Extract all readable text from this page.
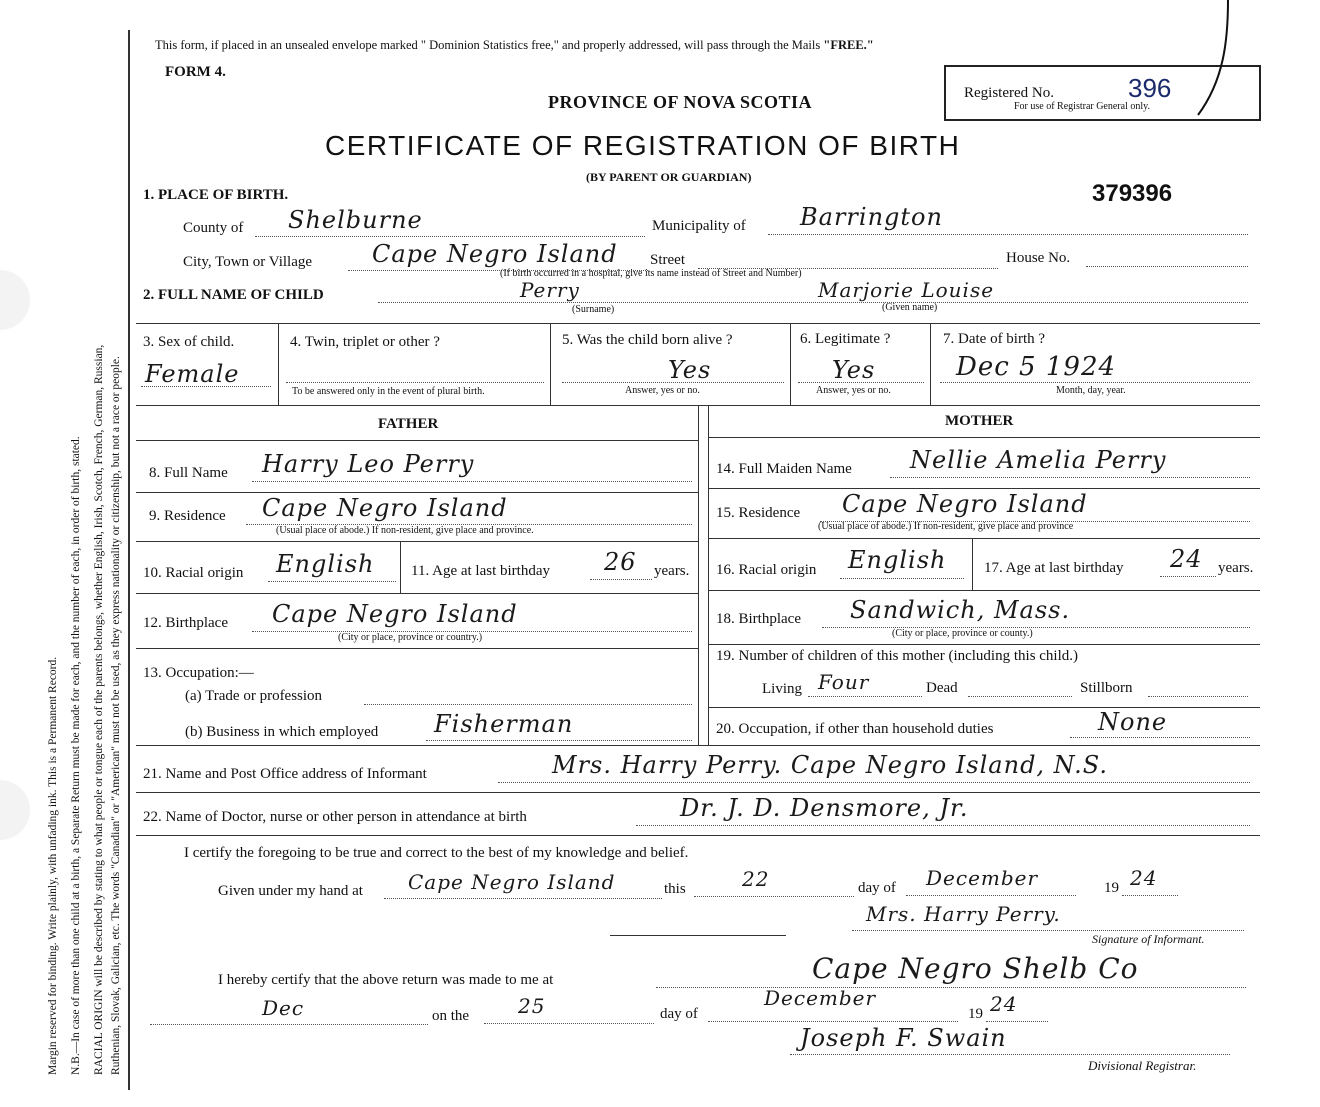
Margin reserved for binding. Write plainly, with unfading ink. This is a Permanent Record. N.B.—In case of more than one child at a birth, a Separate Return must be made for each, and the number of each, in order of birth, stated. RACIAL ORIGIN will be described by stating to what people or tongue each of the parents belongs, whether English, Irish, Scotch, French, German, Russian, Ruthenian, Slovak, Galician, etc. The words "Canadian" or "American" must not be used, as they express nationality or citizenship, but not a race or people.
This form, if placed in an unsealed envelope marked " Dominion Statistics free," and properly addressed, will pass through the Mails "FREE."
FORM 4.
Registered No.	396
For use of Registrar General only.
PROVINCE OF NOVA SCOTIA
CERTIFICATE OF REGISTRATION OF BIRTH
(BY PARENT OR GUARDIAN)
379396
1. PLACE OF BIRTH.
County of Shelburne	Municipality of Barrington
City, Town or Village Cape Negro Island Street	House No.
(If birth occurred in a hospital, give its name instead of Street and Number)
2. FULL NAME OF CHILD	Perry
(Surname)
Marjorie Louise
(Given name)
3. Sex of child.
Female
4. Twin, triplet or other ?
To be answered only in the event of plural birth.
5. Was the child born alive ?
Yes
Answer, yes or no.
6. Legitimate ?
Yes
Answer, yes or no.
7. Date of birth ?
Dec 5 1924
Month, day, year.
FATHER	MOTHER
8. Full Name Harry Leo Perry
9. Residence Cape Negro Island
(Usual place of abode.) If non-resident, give place and province.
10. Racial origin English 11. Age at last birthday 26 years.
12. Birthplace Cape Negro Island
(City or place, province or country.)
13. Occupation:—
(a) Trade or profession
(b) Business in which employed Fisherman
14. Full Maiden Name Nellie Amelia Perry
15. Residence Cape Negro Island
(Usual place of abode.) If non-resident, give place and province
16. Racial origin English	17. Age at last birthday 24 years.
18. Birthplace Sandwich, Mass.
(City or place, province or county.)
19. Number of children of this mother (including this child.)
Living Four	Dead	Stillborn
20. Occupation, if other than household duties	None
21. Name and Post Office address of Informant	Mrs. Harry Perry. Cape Negro Island, N.S.
22. Name of Doctor, nurse or other person in attendance at birth	Dr. J. D. Densmore, Jr.
I certify the foregoing to be true and correct to the best of my knowledge and belief.
Given under my hand at Cape Negro Island	this	22	day of December	19 24
Mrs. Harry Perry.
Signature of Informant.
I hereby certify that the above return was made to me at	Cape Negro Shelb Co
Dec	on the 25	day of
December
19 24
Joseph F. Swain
Divisional Registrar.
